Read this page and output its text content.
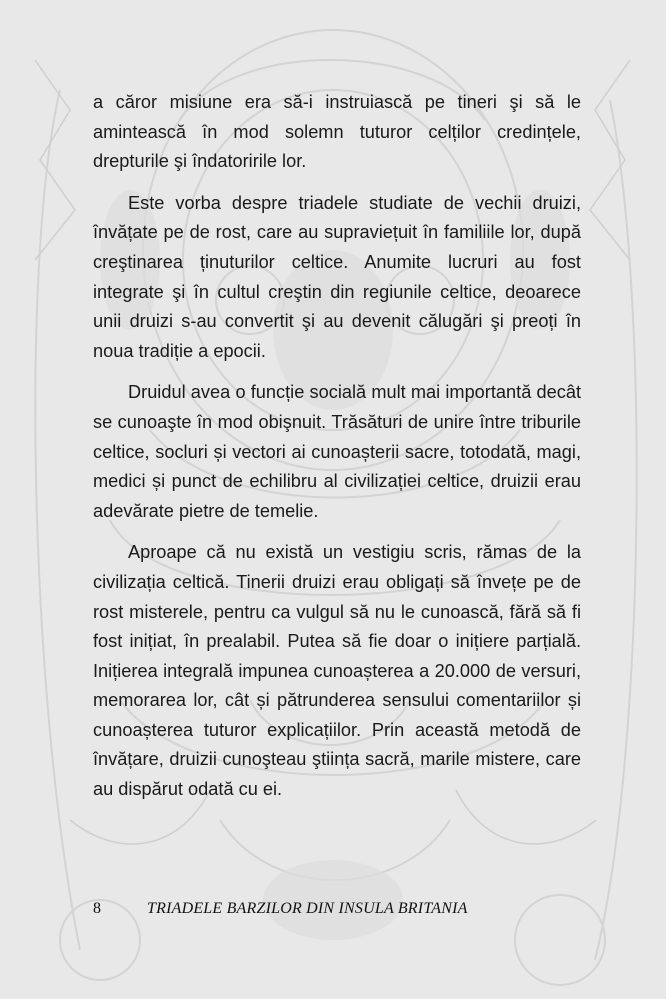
a căror misiune era să-i instruiască pe tineri şi să le amintească în mod solemn tuturor celților credințele, drepturile şi îndatoririle lor.

Este vorba despre triadele studiate de vechii druizi, învățate pe de rost, care au supraviețuit în familiile lor, după creştinarea ținuturilor celtice. Anumite lucruri au fost integrate şi în cultul creştin din regiunile celtice, deoarece unii druizi s-au convertit şi au devenit călugări şi preoți în noua tradiție a epocii.

Druidul avea o funcție socială mult mai importantă decât se cunoaşte în mod obişnuit. Trăsături de unire între triburile celtice, socluri și vectori ai cunoașterii sacre, totodată, magi, medici și punct de echilibru al civilizației celtice, druizii erau adevărate pietre de temelie.

Aproape că nu există un vestigiu scris, rămas de la civilizația celtică. Tinerii druizi erau obligați să învețe pe de rost misterele, pentru ca vulgul să nu le cunoască, fără să fi fost inițiat, în prealabil. Putea să fie doar o inițiere parțială. Inițierea integrală impunea cunoașterea a 20.000 de versuri, memorarea lor, cât și pătrunderea sensului comentariilor și cunoașterea tuturor explicațiilor. Prin această metodă de învățare, druizii cunoşteau ştiința sacră, marile mistere, care au dispărut odată cu ei.

8	TRIADELE BARZILOR DIN INSULA BRITANIA
